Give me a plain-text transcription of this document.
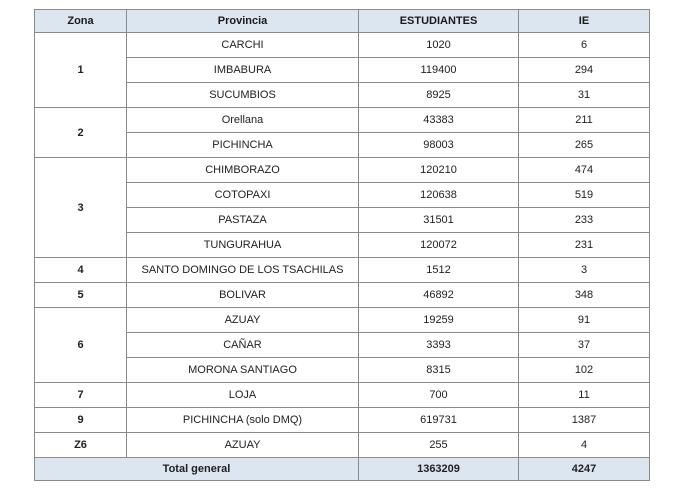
Zona	Provincia	ESTUDIANTES	IE
1	CARCHI	1020	6
	IMBABURA	119400	294
	SUCUMBIOS	8925	31
2	Orellana	43383	211
	PICHINCHA	98003	265
3	CHIMBORAZO	120210	474
	COTOPAXI	120638	519
	PASTAZA	31501	233
	TUNGURAHUA	120072	231
4	SANTO DOMINGO DE LOS TSACHILAS	1512	3
5	BOLIVAR	46892	348
6	AZUAY	19259	91
	CAÑAR	3393	37
	MORONA SANTIAGO	8315	102
7	LOJA	700	11
9	PICHINCHA (solo DMQ)	619731	1387
Z6	AZUAY	255	4
Total general		1363209	4247
